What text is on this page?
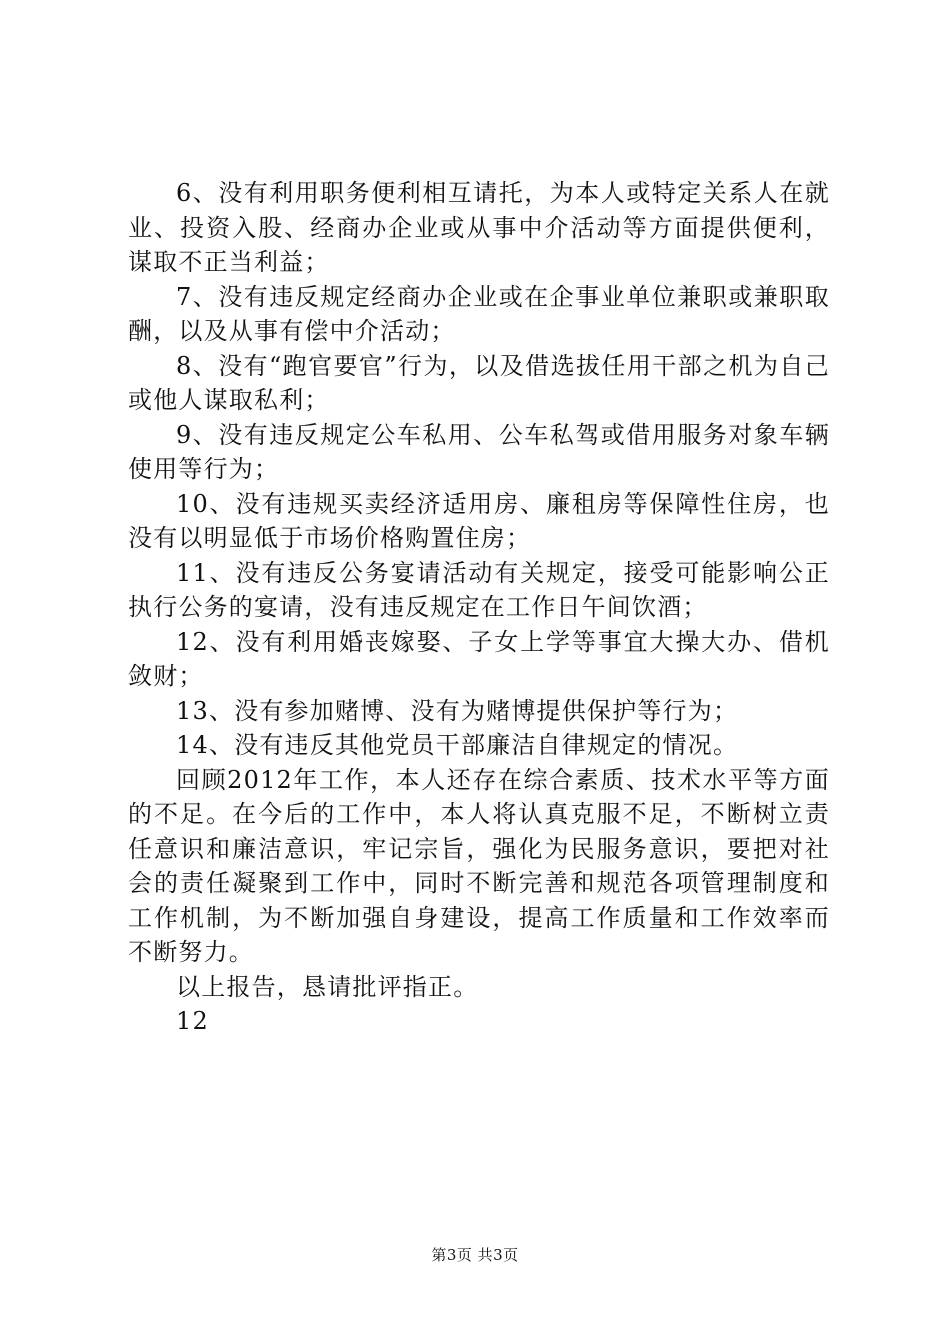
6、没有利用职务便利相互请托，为本人或特定关系人在就业、投资入股、经商办企业或从事中介活动等方面提供便利，谋取不正当利益；

7、没有违反规定经商办企业或在企事业单位兼职或兼职取酬，以及从事有偿中介活动；

8、没有“跑官要官”行为，以及借选拔任用干部之机为自己或他人谋取私利；

9、没有违反规定公车私用、公车私驾或借用服务对象车辆使用等行为；

10、没有违规买卖经济适用房、廉租房等保障性住房，也没有以明显低于市场价格购置住房；

11、没有违反公务宴请活动有关规定，接受可能影响公正执行公务的宴请，没有违反规定在工作日午间饮酒；

12、没有利用婚丧嫁娶、子女上学等事宜大操大办、借机敛财；

13、没有参加赌博、没有为赌博提供保护等行为；

14、没有违反其他党员干部廉洁自律规定的情况。

回顾2012年工作，本人还存在综合素质、技术水平等方面的不足。在今后的工作中，本人将认真克服不足，不断树立责任意识和廉洁意识，牢记宗旨，强化为民服务意识，要把对社会的责任凝聚到工作中，同时不断完善和规范各项管理制度和工作机制，为不断加强自身建设，提高工作质量和工作效率而不断努力。

以上报告，恳请批评指正。

12

第3页 共3页
